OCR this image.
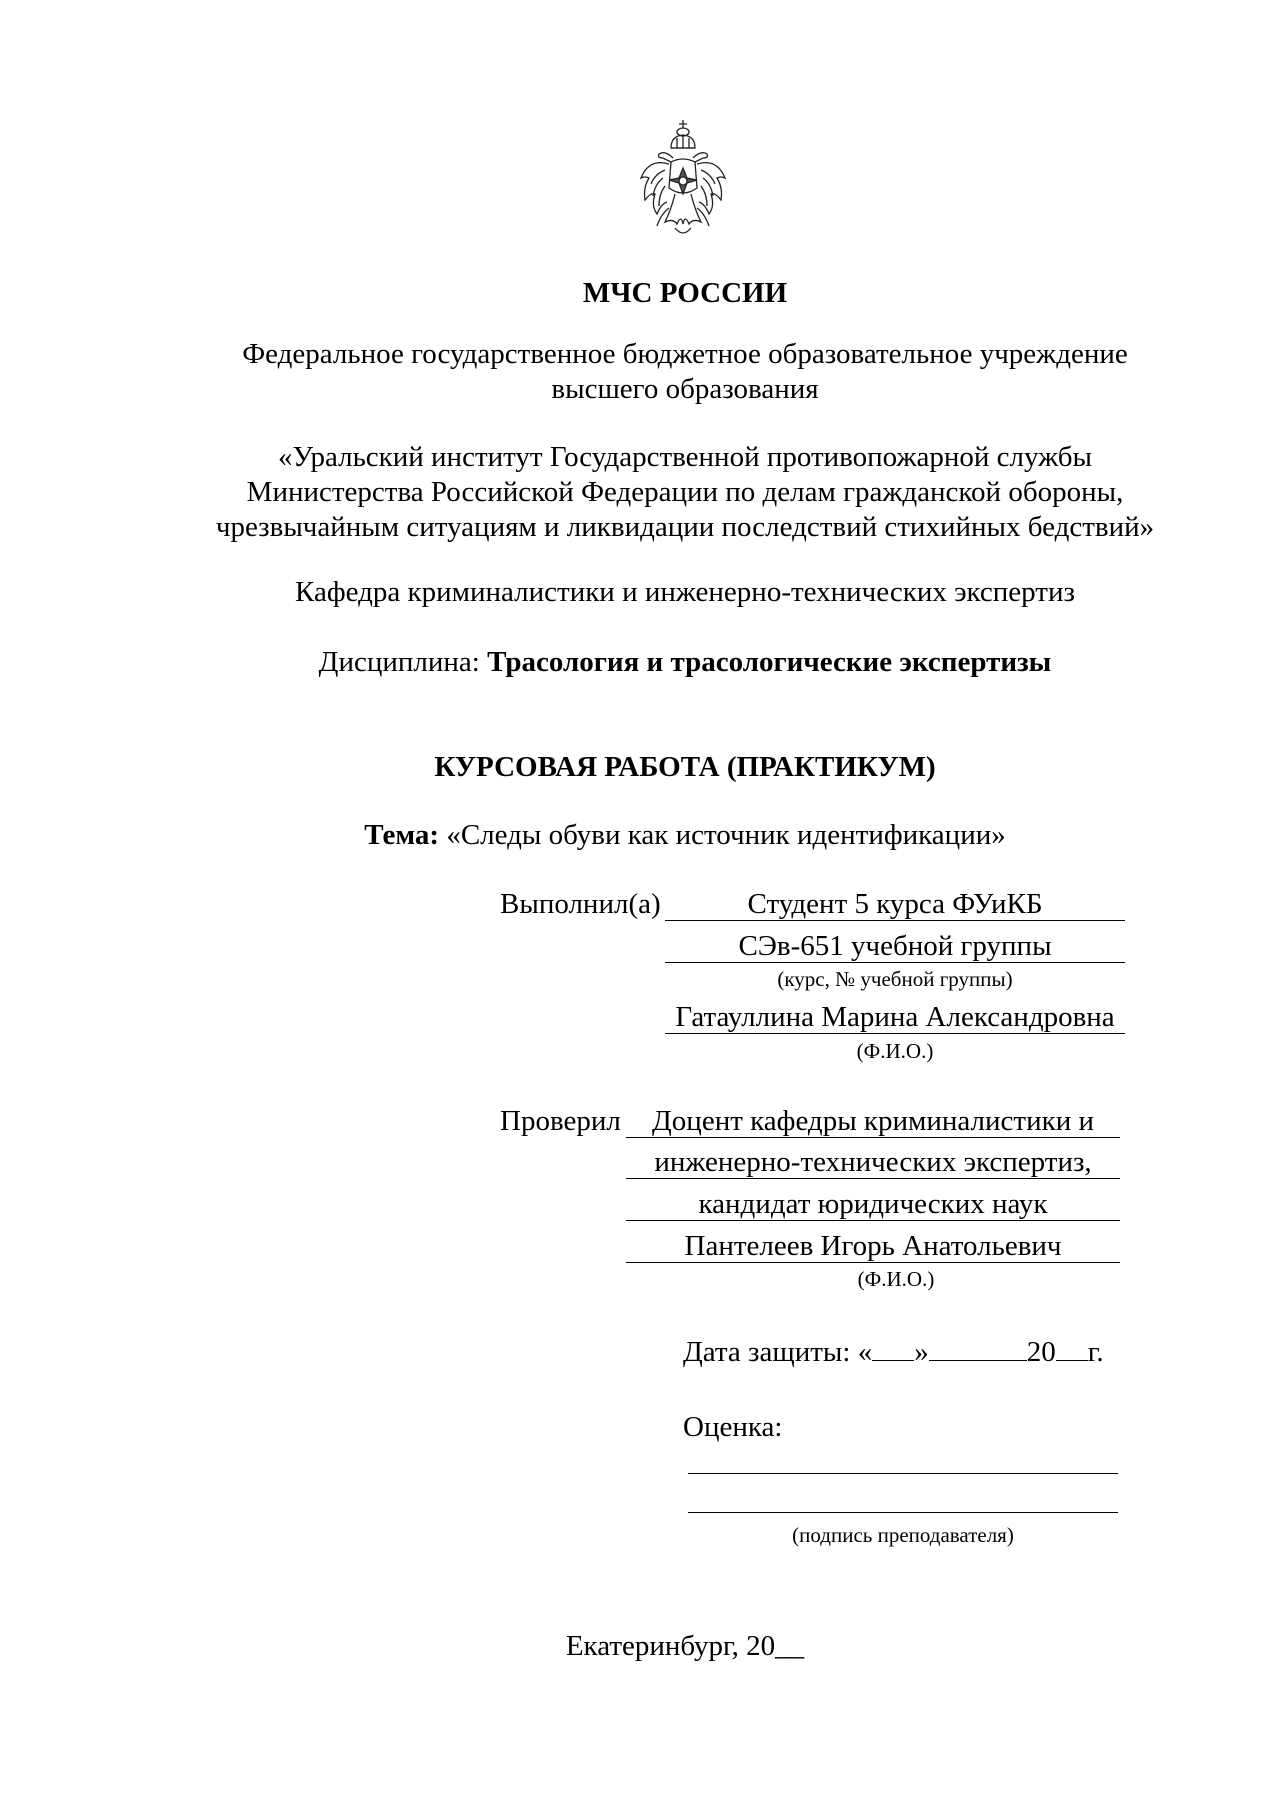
МЧС РОССИИ
Федеральное государственное бюджетное образовательное учреждение
высшего образования
«Уральский институт Государственной противопожарной службы
Министерства Российской Федерации по делам гражданской обороны,
чрезвычайным ситуациям и ликвидации последствий стихийных бедствий»
Кафедра криминалистики и инженерно-технических экспертиз
Дисциплина: Трасология и трасологические экспертизы
КУРСОВАЯ РАБОТА (ПРАКТИКУМ)
Тема: «Следы обуви как источник идентификации»
Выполнил(а)	Студент 5 курса ФУиКБ
СЭв-651 учебной группы
(курс, № учебной группы)
Гатауллина Марина Александровна
(Ф.И.О.)
Проверил	Доцент кафедры криминалистики и
инженерно-технических экспертиз,
кандидат юридических наук
Пантелеев Игорь Анатольевич
(Ф.И.О.)
Дата защиты: « »	20 г.
Оценка:
(подпись преподавателя)
Екатеринбург, 20__
